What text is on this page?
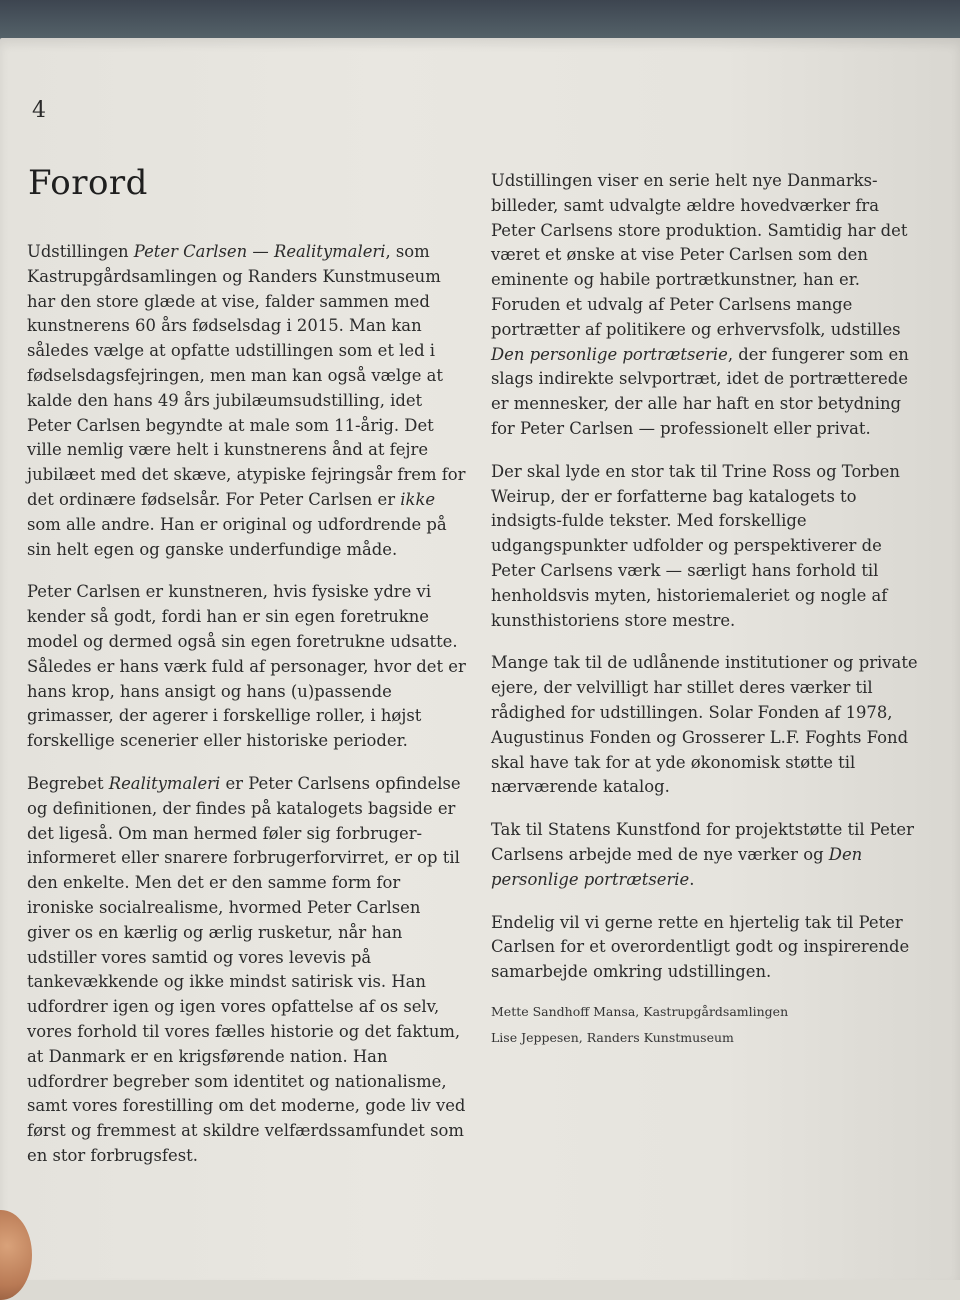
4
Forord

Udstillingen Peter Carlsen — Realitymaleri, som Kastrupgårdsamlingen og Randers Kunstmuseum har den store glæde at vise, falder sammen med kunstnerens 60 års fødselsdag i 2015. Man kan således vælge at opfatte udstillingen som et led i fødselsdagsfejringen, men man kan også vælge at kalde den hans 49 års jubilæumsudstilling, idet Peter Carlsen begyndte at male som 11-årig. Det ville nemlig være helt i kunstnerens ånd at fejre jubilæet med det skæve, atypiske fejringsår frem for det ordinære fødselsår. For Peter Carlsen er ikke som alle andre. Han er original og udfordrende på sin helt egen og ganske underfundige måde.

Peter Carlsen er kunstneren, hvis fysiske ydre vi kender så godt, fordi han er sin egen foretrukne model og dermed også sin egen foretrukne udsatte. Således er hans værk fuld af personager, hvor det er hans krop, hans ansigt og hans (u)passende grimasser, der agerer i forskellige roller, i højst forskellige scenerier eller historiske perioder.

Begrebet Realitymaleri er Peter Carlsens opfindelse og definitionen, der findes på katalogets bagside er det ligeså. Om man hermed føler sig forbruger-informeret eller snarere forbrugerforvirret, er op til den enkelte. Men det er den samme form for ironiske socialrealisme, hvormed Peter Carlsen giver os en kærlig og ærlig rusketur, når han udstiller vores samtid og vores levevis på tankevækkende og ikke mindst satirisk vis. Han udfordrer igen og igen vores opfattelse af os selv, vores forhold til vores fælles historie og det faktum, at Danmark er en krigsførende nation. Han udfordrer begreber som identitet og nationalisme, samt vores forestilling om det moderne, gode liv ved først og fremmest at skildre velfærdssamfundet som en stor forbrugsfest.

Udstillingen viser en serie helt nye Danmarks-billeder, samt udvalgte ældre hovedværker fra Peter Carlsens store produktion. Samtidig har det været et ønske at vise Peter Carlsen som den eminente og habile portrætkunstner, han er. Foruden et udvalg af Peter Carlsens mange portrætter af politikere og erhvervsfolk, udstilles Den personlige portrætserie, der fungerer som en slags indirekte selvportræt, idet de portrætterede er mennesker, der alle har haft en stor betydning for Peter Carlsen — professionelt eller privat.

Der skal lyde en stor tak til Trine Ross og Torben Weirup, der er forfatterne bag katalogets to indsigts-fulde tekster. Med forskellige udgangspunkter udfolder og perspektiverer de Peter Carlsens værk — særligt hans forhold til henholdsvis myten, historiemaleriet og nogle af kunsthistoriens store mestre.

Mange tak til de udlånende institutioner og private ejere, der velvilligt har stillet deres værker til rådighed for udstillingen. Solar Fonden af 1978, Augustinus Fonden og Grosserer L.F. Foghts Fond skal have tak for at yde økonomisk støtte til nærværende katalog.

Tak til Statens Kunstfond for projektstøtte til Peter Carlsens arbejde med de nye værker og Den personlige portrætserie.

Endelig vil vi gerne rette en hjertelig tak til Peter Carlsen for et overordentligt godt og inspirerende samarbejde omkring udstillingen.

Mette Sandhoff Mansa, Kastrupgårdsamlingen

Lise Jeppesen, Randers Kunstmuseum
